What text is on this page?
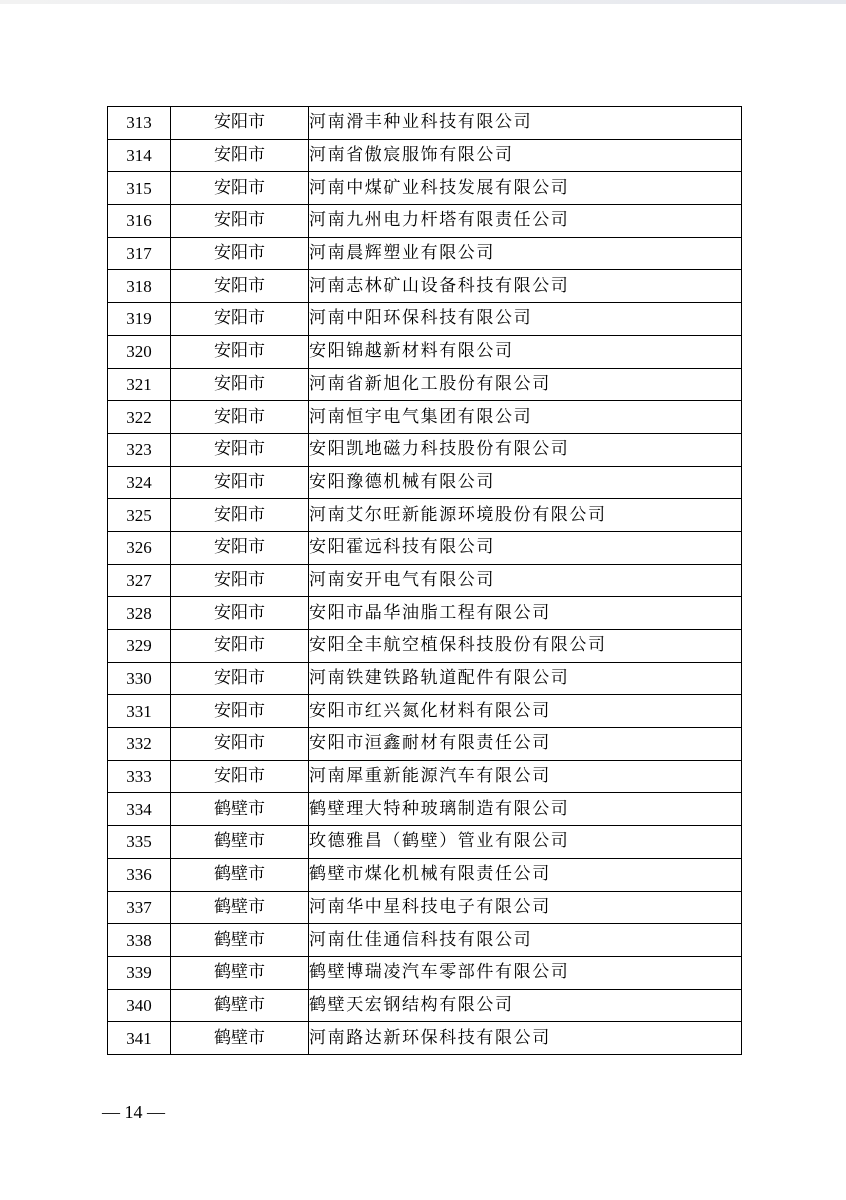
313	安阳市	河南滑丰种业科技有限公司
314	安阳市	河南省傲宸服饰有限公司
315	安阳市	河南中煤矿业科技发展有限公司
316	安阳市	河南九州电力杆塔有限责任公司
317	安阳市	河南晨辉塑业有限公司
318	安阳市	河南志林矿山设备科技有限公司
319	安阳市	河南中阳环保科技有限公司
320	安阳市	安阳锦越新材料有限公司
321	安阳市	河南省新旭化工股份有限公司
322	安阳市	河南恒宇电气集团有限公司
323	安阳市	安阳凯地磁力科技股份有限公司
324	安阳市	安阳豫德机械有限公司
325	安阳市	河南艾尔旺新能源环境股份有限公司
326	安阳市	安阳霍远科技有限公司
327	安阳市	河南安开电气有限公司
328	安阳市	安阳市晶华油脂工程有限公司
329	安阳市	安阳全丰航空植保科技股份有限公司
330	安阳市	河南铁建铁路轨道配件有限公司
331	安阳市	安阳市红兴氮化材料有限公司
332	安阳市	安阳市洹鑫耐材有限责任公司
333	安阳市	河南犀重新能源汽车有限公司
334	鹤壁市	鹤壁理大特种玻璃制造有限公司
335	鹤壁市	玫德雅昌（鹤壁）管业有限公司
336	鹤壁市	鹤壁市煤化机械有限责任公司
337	鹤壁市	河南华中星科技电子有限公司
338	鹤壁市	河南仕佳通信科技有限公司
339	鹤壁市	鹤壁博瑞凌汽车零部件有限公司
340	鹤壁市	鹤壁天宏钢结构有限公司
341	鹤壁市	河南路达新环保科技有限公司
— 14 —
